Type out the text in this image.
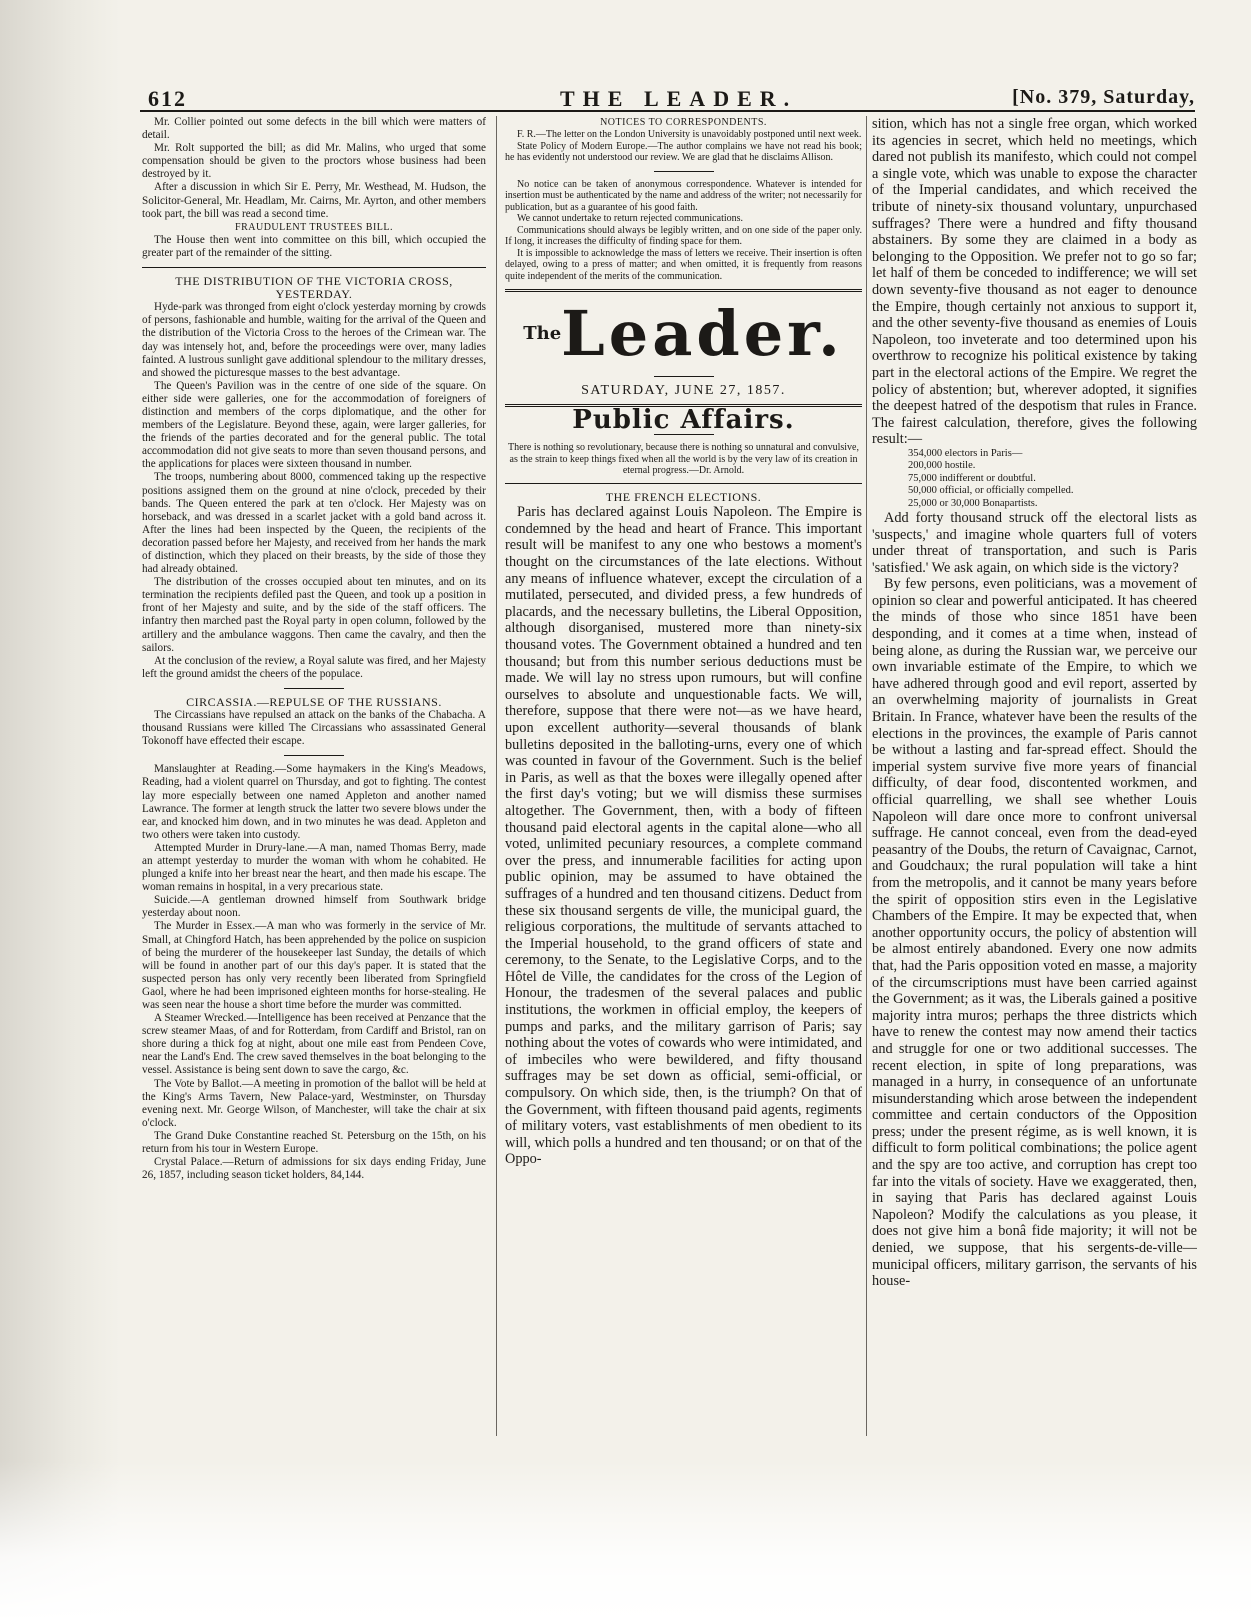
612	THE LEADER.	[No. 379, Saturday,

Mr. Collier pointed out some defects in the bill which were matters of detail.

Mr. Rolt supported the bill; as did Mr. Malins, who urged that some compensation should be given to the proctors whose business had been destroyed by it.

After a discussion in which Sir E. Perry, Mr. Westhead, M. Hudson, the Solicitor-General, Mr. Headlam, Mr. Cairns, Mr. Ayrton, and other members took part, the bill was read a second time.

FRAUDULENT TRUSTEES BILL.

The House then went into committee on this bill, which occupied the greater part of the remainder of the sitting.

THE DISTRIBUTION OF THE VICTORIA CROSS, YESTERDAY.

Hyde-park was thronged from eight o'clock yesterday morning by crowds of persons, fashionable and humble, waiting for the arrival of the Queen and the distribution of the Victoria Cross to the heroes of the Crimean war. The day was intensely hot, and, before the proceedings were over, many ladies fainted. A lustrous sunlight gave additional splendour to the military dresses, and showed the picturesque masses to the best advantage.

The Queen's Pavilion was in the centre of one side of the square. On either side were galleries, one for the accommodation of foreigners of distinction and members of the corps diplomatique, and the other for members of the Legislature. Beyond these, again, were larger galleries, for the friends of the parties decorated and for the general public. The total accommodation did not give seats to more than seven thousand persons, and the applications for places were sixteen thousand in number.

The troops, numbering about 8000, commenced taking up the respective positions assigned them on the ground at nine o'clock, preceded by their bands. The Queen entered the park at ten o'clock. Her Majesty was on horseback, and was dressed in a scarlet jacket with a gold band across it. After the lines had been inspected by the Queen, the recipients of the decoration passed before her Majesty, and received from her hands the mark of distinction, which they placed on their breasts, by the side of those they had already obtained.

The distribution of the crosses occupied about ten minutes, and on its termination the recipients defiled past the Queen, and took up a position in front of her Majesty and suite, and by the side of the staff officers. The infantry then marched past the Royal party in open column, followed by the artillery and the ambulance waggons. Then came the cavalry, and then the sailors.

At the conclusion of the review, a Royal salute was fired, and her Majesty left the ground amidst the cheers of the populace.

CIRCASSIA.—REPULSE OF THE RUSSIANS.

The Circassians have repulsed an attack on the banks of the Chabacha. A thousand Russians were killed The Circassians who assassinated General Tokonoff have effected their escape.

Manslaughter at Reading.—Some haymakers in the King's Meadows, Reading, had a violent quarrel on Thursday, and got to fighting. The contest lay more especially between one named Appleton and another named Lawrance. The former at length struck the latter two severe blows under the ear, and knocked him down, and in two minutes he was dead. Appleton and two others were taken into custody.

Attempted Murder in Drury-lane.—A man, named Thomas Berry, made an attempt yesterday to murder the woman with whom he cohabited. He plunged a knife into her breast near the heart, and then made his escape. The woman remains in hospital, in a very precarious state.

Suicide.—A gentleman drowned himself from Southwark bridge yesterday about noon.

The Murder in Essex.—A man who was formerly in the service of Mr. Small, at Chingford Hatch, has been apprehended by the police on suspicion of being the murderer of the housekeeper last Sunday, the details of which will be found in another part of our this day's paper. It is stated that the suspected person has only very recently been liberated from Springfield Gaol, where he had been imprisoned eighteen months for horse-stealing. He was seen near the house a short time before the murder was committed.

A Steamer Wrecked.—Intelligence has been received at Penzance that the screw steamer Maas, of and for Rotterdam, from Cardiff and Bristol, ran on shore during a thick fog at night, about one mile east from Pendeen Cove, near the Land's End. The crew saved themselves in the boat belonging to the vessel. Assistance is being sent down to save the cargo, &c.

The Vote by Ballot.—A meeting in promotion of the ballot will be held at the King's Arms Tavern, New Palace-yard, Westminster, on Thursday evening next. Mr. George Wilson, of Manchester, will take the chair at six o'clock.

The Grand Duke Constantine reached St. Petersburg on the 15th, on his return from his tour in Western Europe.

Crystal Palace.—Return of admissions for six days ending Friday, June 26, 1857, including season ticket holders, 84,144.

NOTICES TO CORRESPONDENTS.

F. R.—The letter on the London University is unavoidably postponed until next week.

State Policy of Modern Europe.—The author complains we have not read his book; he has evidently not understood our review. We are glad that he disclaims Allison.

No notice can be taken of anonymous correspondence. Whatever is intended for insertion must be authenticated by the name and address of the writer; not necessarily for publication, but as a guarantee of his good faith.

We cannot undertake to return rejected communications.

Communications should always be legibly written, and on one side of the paper only. If long, it increases the difficulty of finding space for them.

It is impossible to acknowledge the mass of letters we receive. Their insertion is often delayed, owing to a press of matter; and when omitted, it is frequently from reasons quite independent of the merits of the communication.

$^{The}$Leader.

SATURDAY, JUNE 27, 1857.

Public Affairs.

There is nothing so revolutionary, because there is nothing so unnatural and convulsive, as the strain to keep things fixed when all the world is by the very law of its creation in eternal progress.—Dr. Arnold.

THE FRENCH ELECTIONS.

Paris has declared against Louis Napoleon. The Empire is condemned by the head and heart of France. This important result will be manifest to any one who bestows a moment's thought on the circumstances of the late elections. Without any means of influence whatever, except the circulation of a mutilated, persecuted, and divided press, a few hundreds of placards, and the necessary bulletins, the Liberal Opposition, although disorganised, mustered more than ninety-six thousand votes. The Government obtained a hundred and ten thousand; but from this number serious deductions must be made. We will lay no stress upon rumours, but will confine ourselves to absolute and unquestionable facts. We will, therefore, suppose that there were not—as we have heard, upon excellent authority—several thousands of blank bulletins deposited in the balloting-urns, every one of which was counted in favour of the Government. Such is the belief in Paris, as well as that the boxes were illegally opened after the first day's voting; but we will dismiss these surmises altogether. The Government, then, with a body of fifteen thousand paid electoral agents in the capital alone—who all voted, unlimited pecuniary resources, a complete command over the press, and innumerable facilities for acting upon public opinion, may be assumed to have obtained the suffrages of a hundred and ten thousand citizens. Deduct from these six thousand sergents de ville, the municipal guard, the religious corporations, the multitude of servants attached to the Imperial household, to the grand officers of state and ceremony, to the Senate, to the Legislative Corps, and to the Hôtel de Ville, the candidates for the cross of the Legion of Honour, the tradesmen of the several palaces and public institutions, the workmen in official employ, the keepers of pumps and parks, and the military garrison of Paris; say nothing about the votes of cowards who were intimidated, and of imbeciles who were bewildered, and fifty thousand suffrages may be set down as official, semi-official, or compulsory. On which side, then, is the triumph? On that of the Government, with fifteen thousand paid agents, regiments of military voters, vast establishments of men obedient to its will, which polls a hundred and ten thousand; or on that of the Oppo-

sition, which has not a single free organ, which worked its agencies in secret, which held no meetings, which dared not publish its manifesto, which could not compel a single vote, which was unable to expose the character of the Imperial candidates, and which received the tribute of ninety-six thousand voluntary, unpurchased suffrages? There were a hundred and fifty thousand abstainers. By some they are claimed in a body as belonging to the Opposition. We prefer not to go so far; let half of them be conceded to indifference; we will set down seventy-five thousand as not eager to denounce the Empire, though certainly not anxious to support it, and the other seventy-five thousand as enemies of Louis Napoleon, too inveterate and too determined upon his overthrow to recognize his political existence by taking part in the electoral actions of the Empire. We regret the policy of abstention; but, wherever adopted, it signifies the deepest hatred of the despotism that rules in France. The fairest calculation, therefore, gives the following result:—

354,000 electors in Paris—

200,000 hostile.

75,000 indifferent or doubtful.

50,000 official, or officially compelled.

25,000 or 30,000 Bonapartists.

Add forty thousand struck off the electoral lists as 'suspects,' and imagine whole quarters full of voters under threat of transportation, and such is Paris 'satisfied.' We ask again, on which side is the victory?

By few persons, even politicians, was a movement of opinion so clear and powerful anticipated. It has cheered the minds of those who since 1851 have been desponding, and it comes at a time when, instead of being alone, as during the Russian war, we perceive our own invariable estimate of the Empire, to which we have adhered through good and evil report, asserted by an overwhelming majority of journalists in Great Britain. In France, whatever have been the results of the elections in the provinces, the example of Paris cannot be without a lasting and far-spread effect. Should the imperial system survive five more years of financial difficulty, of dear food, discontented workmen, and official quarrelling, we shall see whether Louis Napoleon will dare once more to confront universal suffrage. He cannot conceal, even from the dead-eyed peasantry of the Doubs, the return of Cavaignac, Carnot, and Goudchaux; the rural population will take a hint from the metropolis, and it cannot be many years before the spirit of opposition stirs even in the Legislative Chambers of the Empire. It may be expected that, when another opportunity occurs, the policy of abstention will be almost entirely abandoned. Every one now admits that, had the Paris opposition voted en masse, a majority of the circumscriptions must have been carried against the Government; as it was, the Liberals gained a positive majority intra muros; perhaps the three districts which have to renew the contest may now amend their tactics and struggle for one or two additional successes. The recent election, in spite of long preparations, was managed in a hurry, in consequence of an unfortunate misunderstanding which arose between the independent committee and certain conductors of the Opposition press; under the present régime, as is well known, it is difficult to form political combinations; the police agent and the spy are too active, and corruption has crept too far into the vitals of society. Have we exaggerated, then, in saying that Paris has declared against Louis Napoleon? Modify the calculations as you please, it does not give him a bonâ fide majority; it will not be denied, we suppose, that his sergents-de-ville—municipal officers, military garrison, the servants of his house-
